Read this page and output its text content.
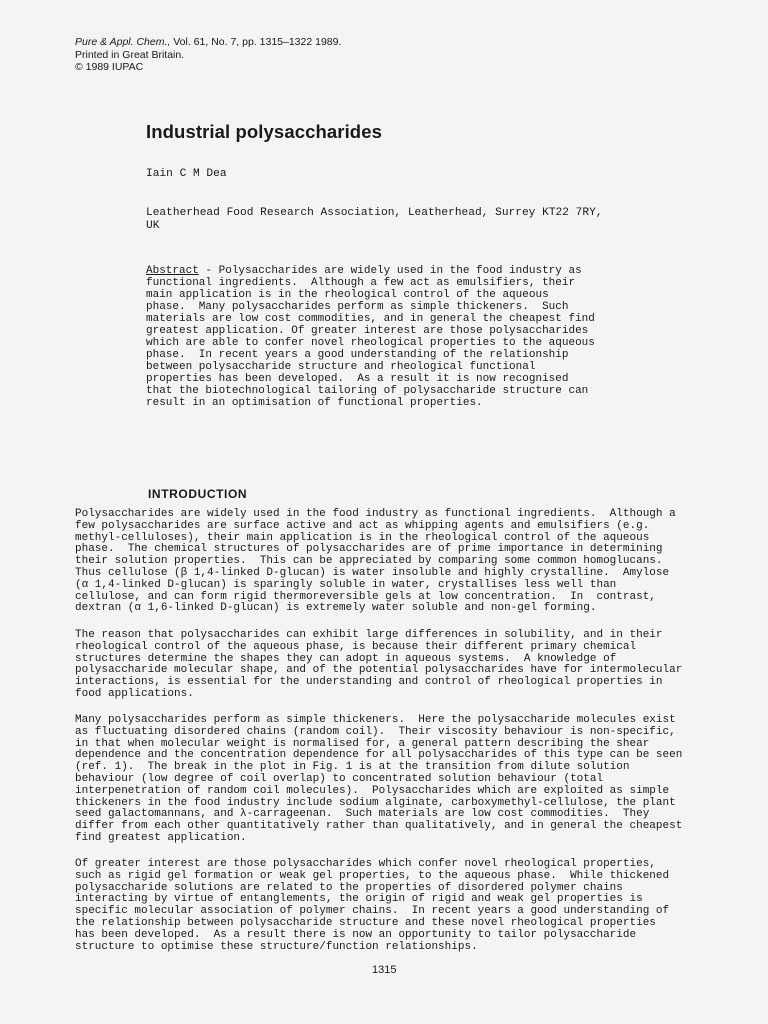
Pure & Appl. Chem., Vol. 61, No. 7, pp. 1315–1322 1989.
Printed in Great Britain.
© 1989 IUPAC
Industrial polysaccharides
Iain C M Dea
Leatherhead Food Research Association, Leatherhead, Surrey KT22 7RY,
UK
Abstract - Polysaccharides are widely used in the food industry as
functional ingredients.  Although a few act as emulsifiers, their
main application is in the rheological control of the aqueous
phase.  Many polysaccharides perform as simple thickeners.  Such
materials are low cost commodities, and in general the cheapest find
greatest application. Of greater interest are those polysaccharides
which are able to confer novel rheological properties to the aqueous
phase.  In recent years a good understanding of the relationship
between polysaccharide structure and rheological functional
properties has been developed.  As a result it is now recognised
that the biotechnological tailoring of polysaccharide structure can
result in an optimisation of functional properties.
INTRODUCTION
Polysaccharides are widely used in the food industry as functional ingredients.  Although a
few polysaccharides are surface active and act as whipping agents and emulsifiers (e.g.
methyl-celluloses), their main application is in the rheological control of the aqueous
phase.  The chemical structures of polysaccharides are of prime importance in determining
their solution properties.  This can be appreciated by comparing some common homoglucans.
Thus cellulose (β 1,4-linked D-glucan) is water insoluble and highly crystalline.  Amylose
(α 1,4-linked D-glucan) is sparingly soluble in water, crystallises less well than
cellulose, and can form rigid thermoreversible gels at low concentration.  In  contrast,
dextran (α 1,6-linked D-glucan) is extremely water soluble and non-gel forming.
The reason that polysaccharides can exhibit large differences in solubility, and in their
rheological control of the aqueous phase, is because their different primary chemical
structures determine the shapes they can adopt in aqueous systems.  A knowledge of
polysaccharide molecular shape, and of the potential polysaccharides have for intermolecular
interactions, is essential for the understanding and control of rheological properties in
food applications.
Many polysaccharides perform as simple thickeners.  Here the polysaccharide molecules exist
as fluctuating disordered chains (random coil).  Their viscosity behaviour is non-specific,
in that when molecular weight is normalised for, a general pattern describing the shear
dependence and the concentration dependence for all polysaccharides of this type can be seen
(ref. 1).  The break in the plot in Fig. 1 is at the transition from dilute solution
behaviour (low degree of coil overlap) to concentrated solution behaviour (total
interpenetration of random coil molecules).  Polysaccharides which are exploited as simple
thickeners in the food industry include sodium alginate, carboxymethyl-cellulose, the plant
seed galactomannans, and λ-carrageenan.  Such materials are low cost commodities.  They
differ from each other quantitatively rather than qualitatively, and in general the cheapest
find greatest application.
Of greater interest are those polysaccharides which confer novel rheological properties,
such as rigid gel formation or weak gel properties, to the aqueous phase.  While thickened
polysaccharide solutions are related to the properties of disordered polymer chains
interacting by virtue of entanglements, the origin of rigid and weak gel properties is
specific molecular association of polymer chains.  In recent years a good understanding of
the relationship between polysaccharide structure and these novel rheological properties
has been developed.  As a result there is now an opportunity to tailor polysaccharide
structure to optimise these structure/function relationships.
1315
